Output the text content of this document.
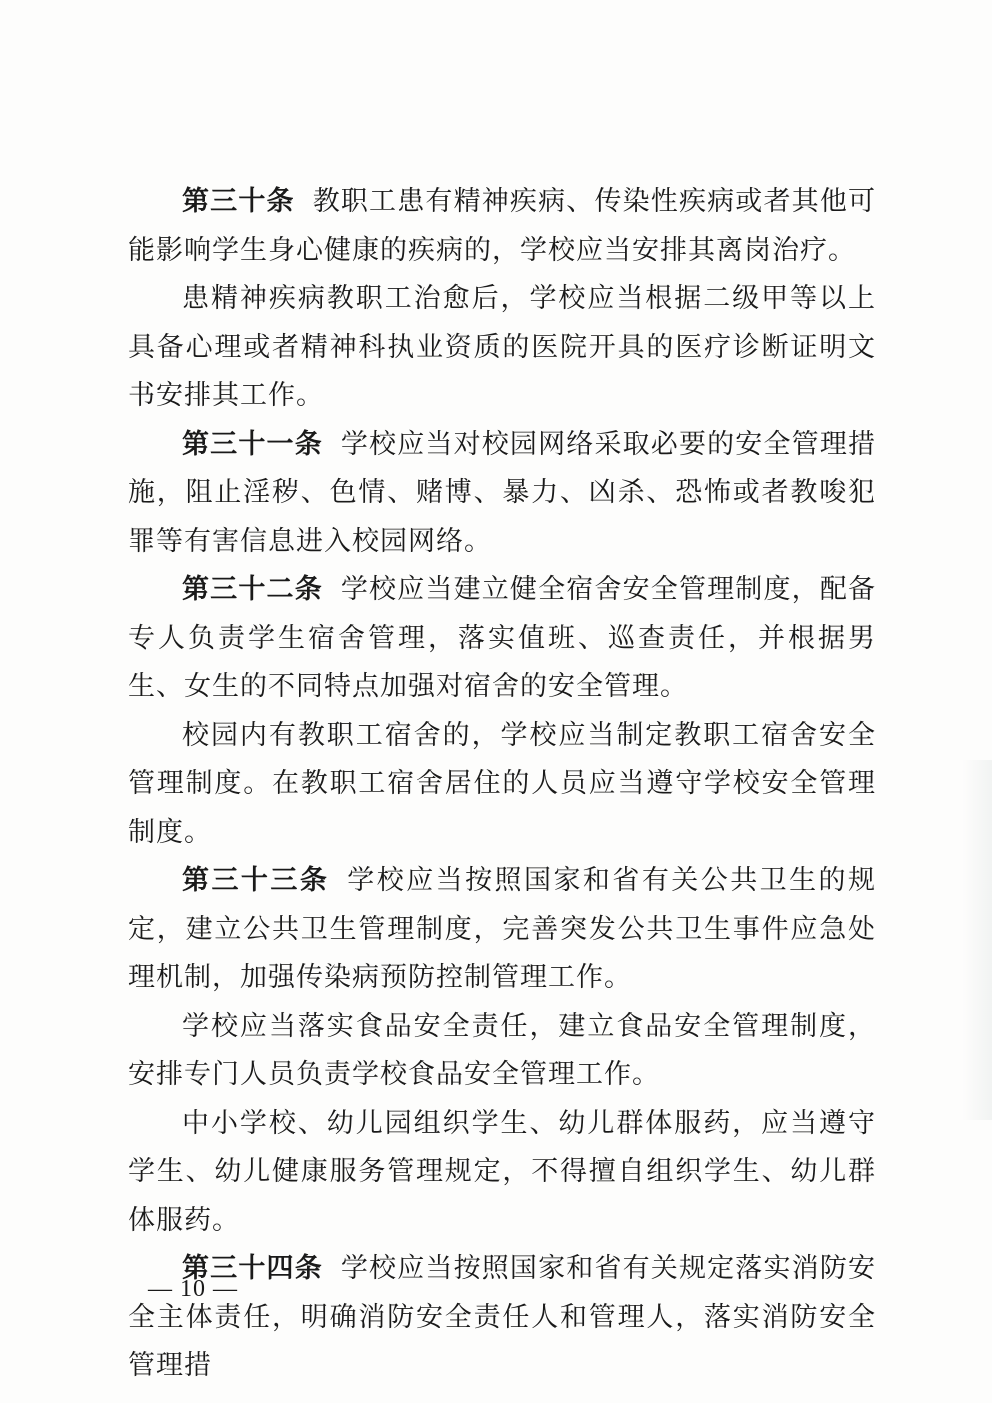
第三十条 教职工患有精神疾病、传染性疾病或者其他可能影响学生身心健康的疾病的，学校应当安排其离岗治疗。

患精神疾病教职工治愈后，学校应当根据二级甲等以上具备心理或者精神科执业资质的医院开具的医疗诊断证明文书安排其工作。

第三十一条 学校应当对校园网络采取必要的安全管理措施，阻止淫秽、色情、赌博、暴力、凶杀、恐怖或者教唆犯罪等有害信息进入校园网络。

第三十二条 学校应当建立健全宿舍安全管理制度，配备专人负责学生宿舍管理，落实值班、巡查责任，并根据男生、女生的不同特点加强对宿舍的安全管理。

校园内有教职工宿舍的，学校应当制定教职工宿舍安全管理制度。在教职工宿舍居住的人员应当遵守学校安全管理制度。

第三十三条 学校应当按照国家和省有关公共卫生的规定，建立公共卫生管理制度，完善突发公共卫生事件应急处理机制，加强传染病预防控制管理工作。

学校应当落实食品安全责任，建立食品安全管理制度，安排专门人员负责学校食品安全管理工作。

中小学校、幼儿园组织学生、幼儿群体服药，应当遵守学生、幼儿健康服务管理规定，不得擅自组织学生、幼儿群体服药。

第三十四条 学校应当按照国家和省有关规定落实消防安全主体责任，明确消防安全责任人和管理人，落实消防安全管理措

— 10 —
